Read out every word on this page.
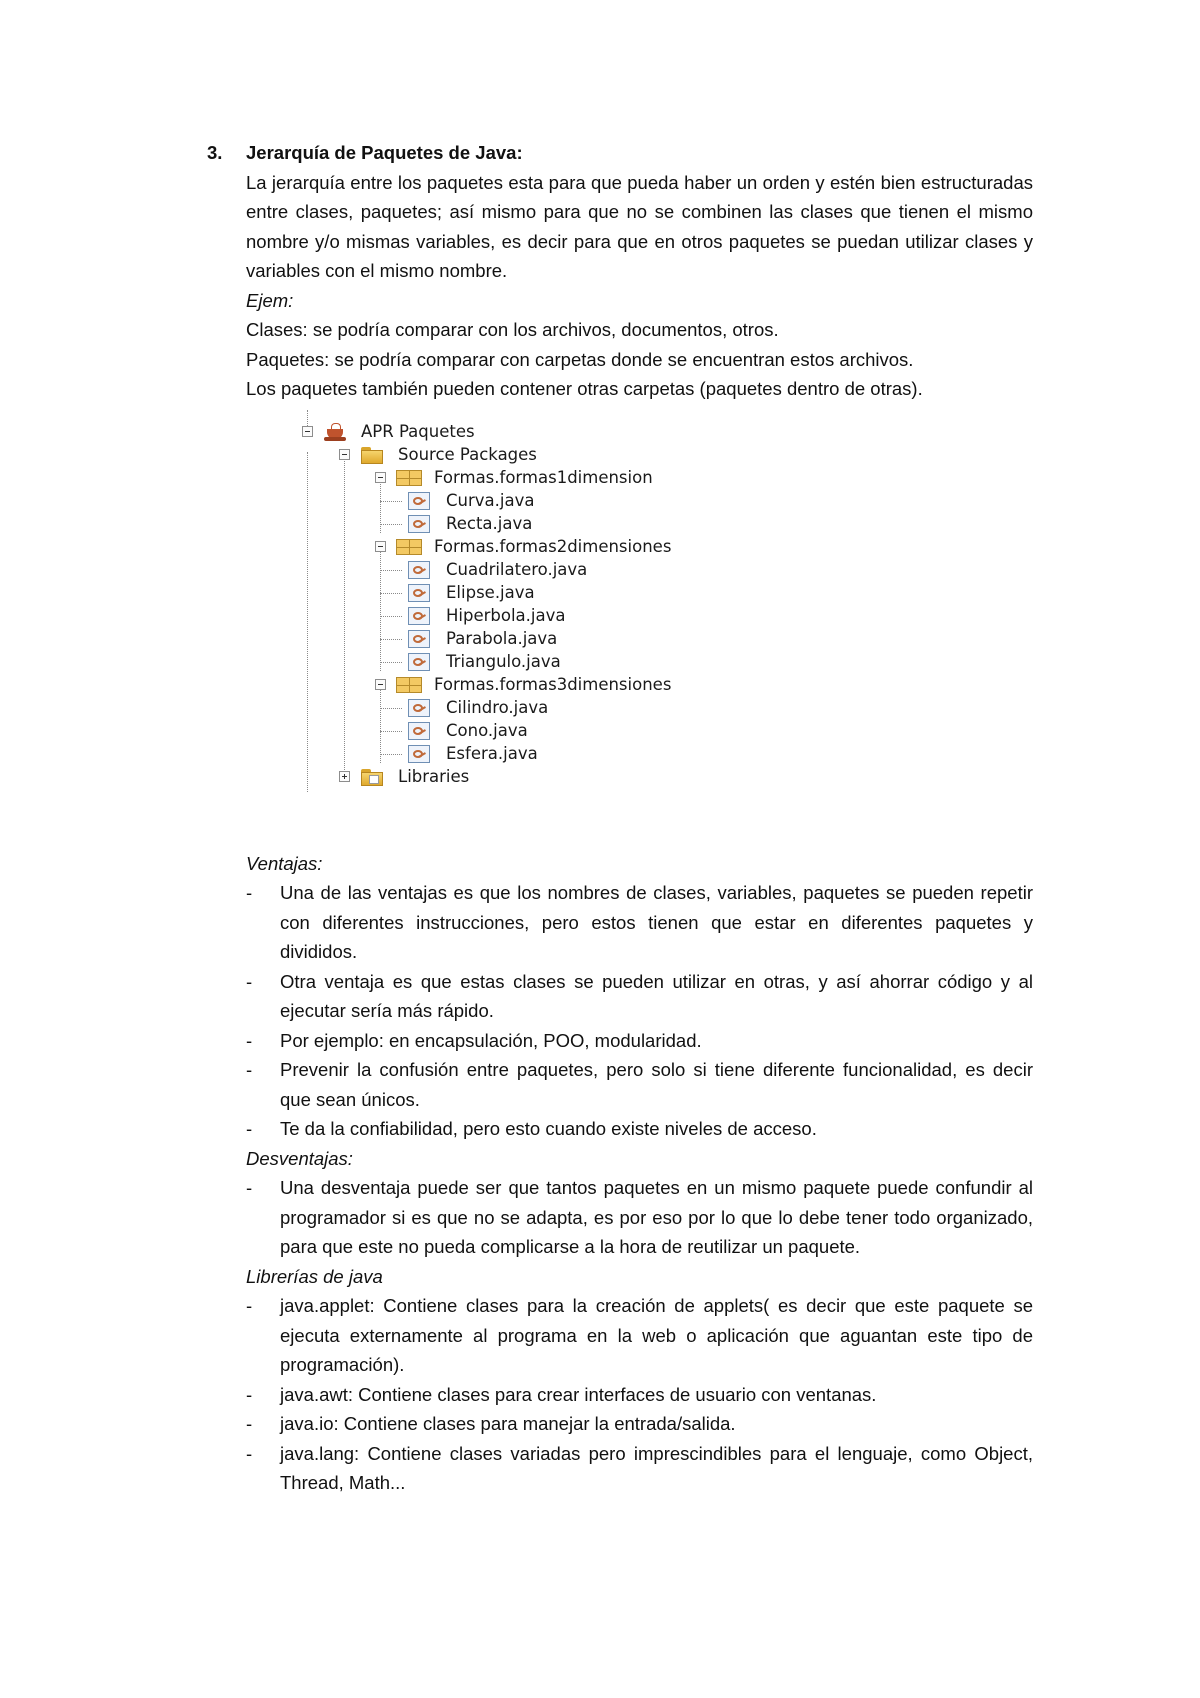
3. Jerarquía de Paquetes de Java:
La jerarquía entre los paquetes esta para que pueda haber un orden y estén bien estructuradas entre clases, paquetes; así mismo para que no se combinen las clases que tienen el mismo nombre y/o mismas variables, es decir para que en otros paquetes se puedan utilizar clases y variables con el mismo nombre.
Ejem:
Clases: se podría comparar con los archivos, documentos, otros.
Paquetes: se podría comparar con carpetas donde se encuentran estos archivos.
Los paquetes también pueden contener otras carpetas (paquetes dentro de otras).
APR Paquetes
Source Packages
Formas.formas1dimension
Curva.java
Recta.java
Formas.formas2dimensiones
Cuadrilatero.java
Elipse.java
Hiperbola.java
Parabola.java
Triangulo.java
Formas.formas3dimensiones
Cilindro.java
Cono.java
Esfera.java
Libraries
Ventajas:
- Una de las ventajas es que los nombres de clases, variables, paquetes se pueden repetir con diferentes instrucciones, pero estos tienen que estar en diferentes paquetes y divididos.
- Otra ventaja es que estas clases se pueden utilizar en otras, y así ahorrar código y al ejecutar sería más rápido.
- Por ejemplo: en encapsulación, POO, modularidad.
- Prevenir la confusión entre paquetes, pero solo si tiene diferente funcionalidad, es decir que sean únicos.
- Te da la confiabilidad, pero esto cuando existe niveles de acceso.
Desventajas:
- Una desventaja puede ser que tantos paquetes en un mismo paquete puede confundir al programador si es que no se adapta, es por eso por lo que lo debe tener todo organizado, para que este no pueda complicarse a la hora de reutilizar un paquete.
Librerías de java
- java.applet: Contiene clases para la creación de applets( es decir que este paquete se ejecuta externamente al programa en la web o aplicación que aguantan este tipo de programación).
- java.awt: Contiene clases para crear interfaces de usuario con ventanas.
- java.io: Contiene clases para manejar la entrada/salida.
- java.lang: Contiene clases variadas pero imprescindibles para el lenguaje, como Object, Thread, Math...
